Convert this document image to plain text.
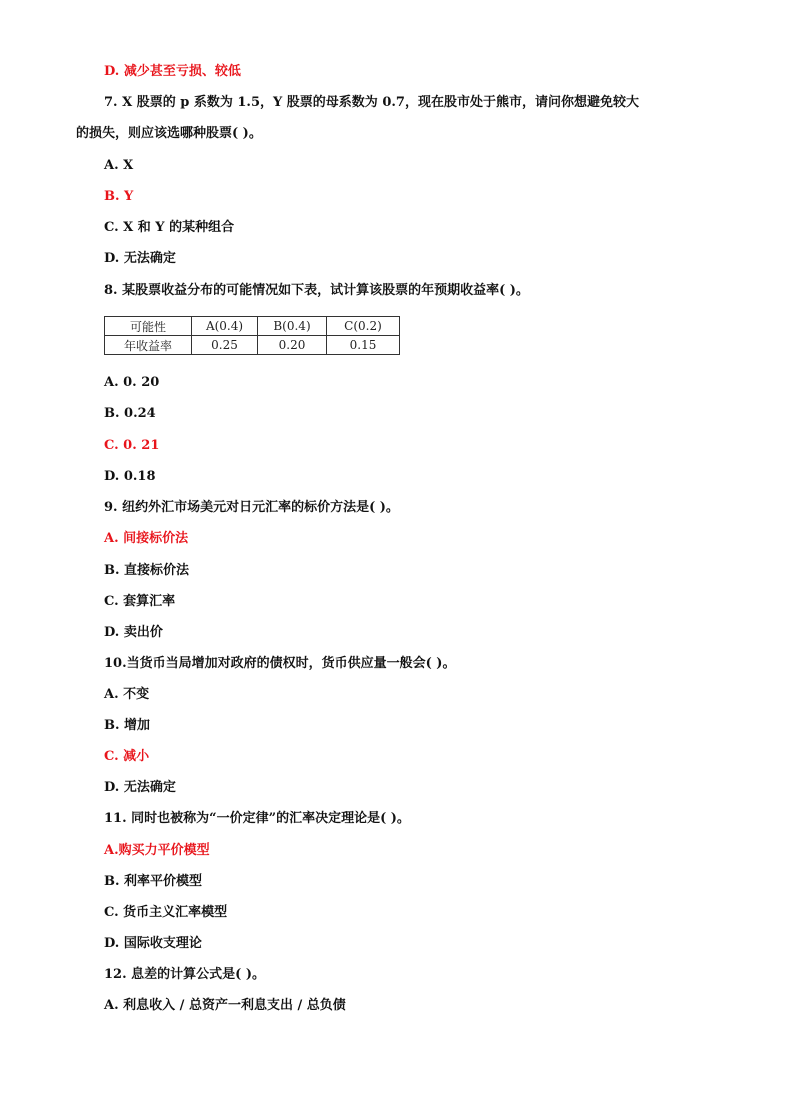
D. 减少甚至亏损、较低
7. X 股票的 p 系数为 1.5，Y 股票的母系数为 0.7，现在股市处于熊市，请问你想避免较大
的损失，则应该选哪种股票( )。
A. X
B. Y
C. X 和 Y 的某种组合
D. 无法确定
8. 某股票收益分布的可能情况如下表，试计算该股票的年预期收益率( )。
可能性	A(0.4)	B(0.4)	C(0.2)
年收益率	0.25	0.20	0.15
A. 0. 20
B. 0.24
C. 0. 21
D. 0.18
9. 纽约外汇市场美元对日元汇率的标价方法是( )。
A. 间接标价法
B. 直接标价法
C. 套算汇率
D. 卖出价
10.当货币当局增加对政府的债权时，货币供应量一般会( )。
A. 不变
B. 增加
C. 减小
D. 无法确定
11. 同时也被称为“一价定律”的汇率决定理论是( )。
A.购买力平价模型
B. 利率平价模型
C. 货币主义汇率模型
D. 国际收支理论
12. 息差的计算公式是( )。
A. 利息收入 / 总资产一利息支出 / 总负债
